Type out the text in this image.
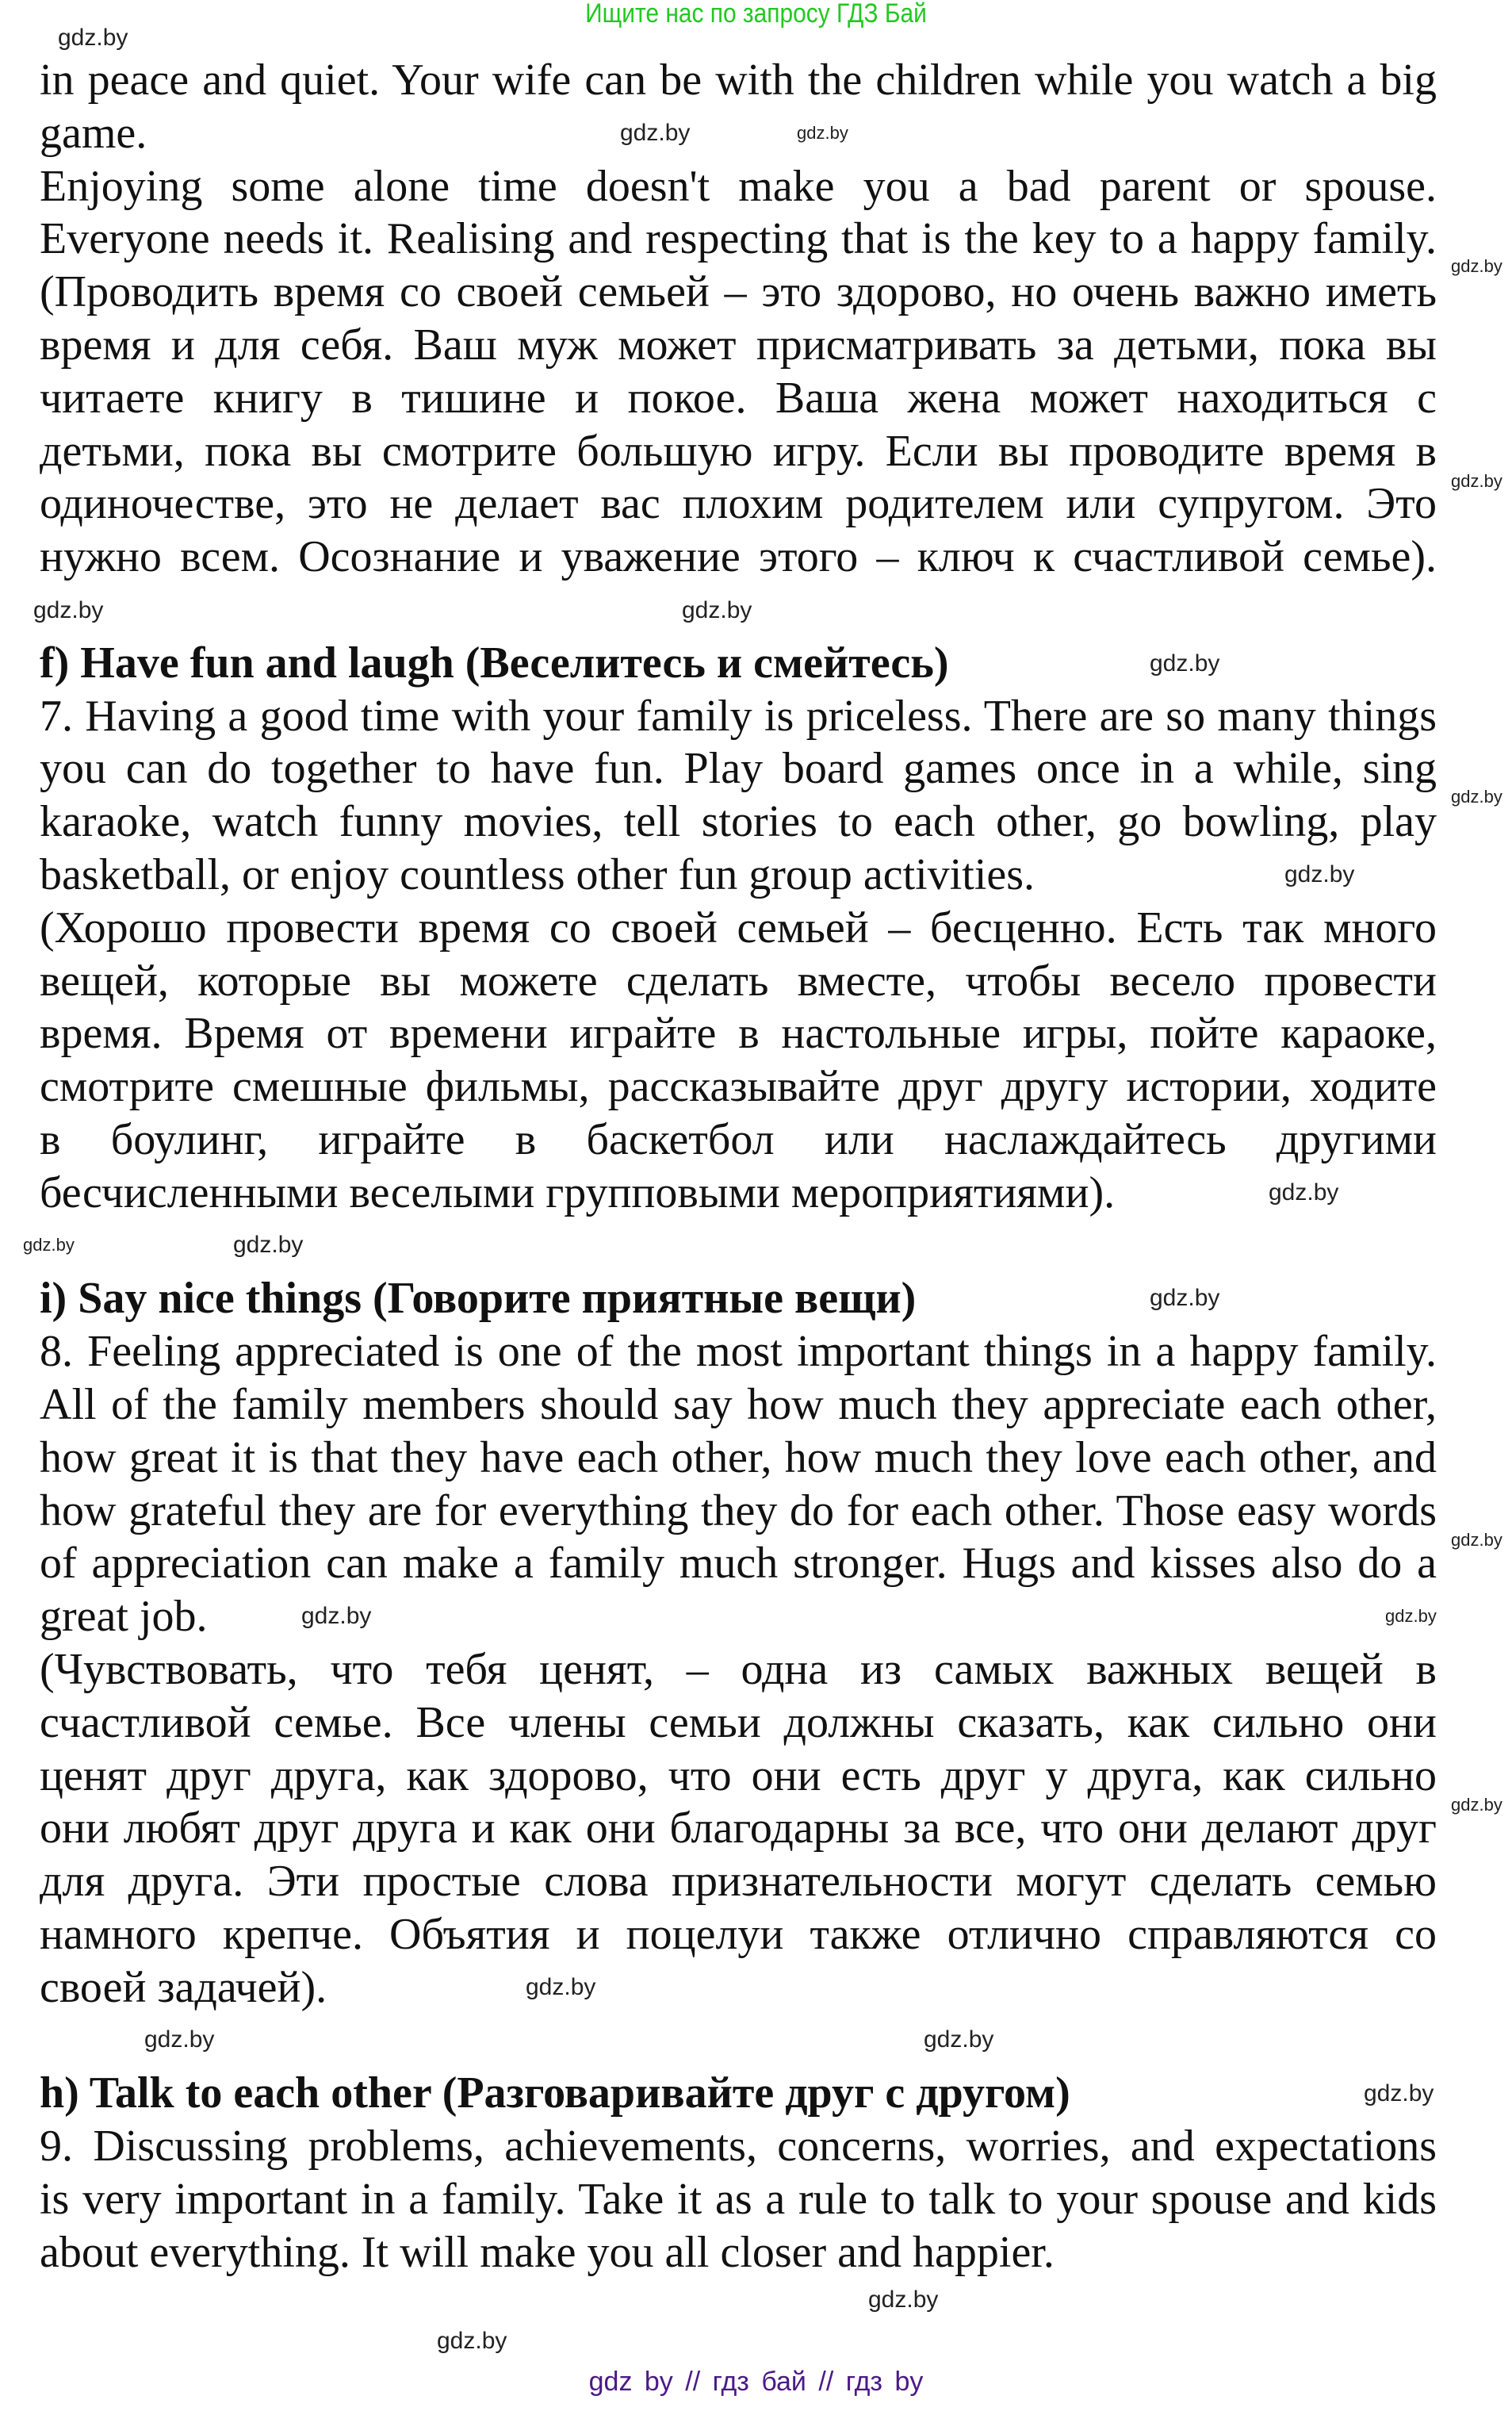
Ищите нас по запросу ГДЗ Бай
in peace and quiet. Your wife can be with the children while you watch a big
game.
Enjoying some alone time doesn't make you a bad parent or spouse.
Everyone needs it. Realising and respecting that is the key to a happy family.
(Проводить время со своей семьей – это здорово, но очень важно иметь
время и для себя. Ваш муж может присматривать за детьми, пока вы
читаете книгу в тишине и покое. Ваша жена может находиться с
детьми, пока вы смотрите большую игру. Если вы проводите время в
одиночестве, это не делает вас плохим родителем или супругом. Это
нужно всем. Осознание и уважение этого – ключ к счастливой семье).
f) Have fun and laugh (Веселитесь и смейтесь)
7. Having a good time with your family is priceless. There are so many things
you can do together to have fun. Play board games once in a while, sing
karaoke, watch funny movies, tell stories to each other, go bowling, play
basketball, or enjoy countless other fun group activities.
(Хорошо провести время со своей семьей – бесценно. Есть так много
вещей, которые вы можете сделать вместе, чтобы весело провести
время. Время от времени играйте в настольные игры, пойте караоке,
смотрите смешные фильмы, рассказывайте друг другу истории, ходите
в боулинг, играйте в баскетбол или наслаждайтесь другими
бесчисленными веселыми групповыми мероприятиями).
i) Say nice things (Говорите приятные вещи)
8. Feeling appreciated is one of the most important things in a happy family.
All of the family members should say how much they appreciate each other,
how great it is that they have each other, how much they love each other, and
how grateful they are for everything they do for each other. Those easy words
of appreciation can make a family much stronger. Hugs and kisses also do a
great job.
(Чувствовать, что тебя ценят, – одна из самых важных вещей в
счастливой семье. Все члены семьи должны сказать, как сильно они
ценят друг друга, как здорово, что они есть друг у друга, как сильно
они любят друг друга и как они благодарны за все, что они делают друг
для друга. Эти простые слова признательности могут сделать семью
намного крепче. Объятия и поцелуи также отлично справляются со
своей задачей).
h) Talk to each other (Разговаривайте друг с другом)
9. Discussing problems, achievements, concerns, worries, and expectations
is very important in a family. Take it as a rule to talk to your spouse and kids
about everything. It will make you all closer and happier.
gdz.by
gdz.by
gdz.by
gdz.by
gdz.by
gdz.by
gdz.by
gdz.by
gdz.by
gdz.by
gdz.by
gdz.by
gdz.by
gdz.by
gdz.by
gdz.by
gdz.by
gdz.by
gdz.by
gdz.by
gdz.by
gdz.by
gdz.by
gdz.by
gdz by // гдз бай // гдз by
